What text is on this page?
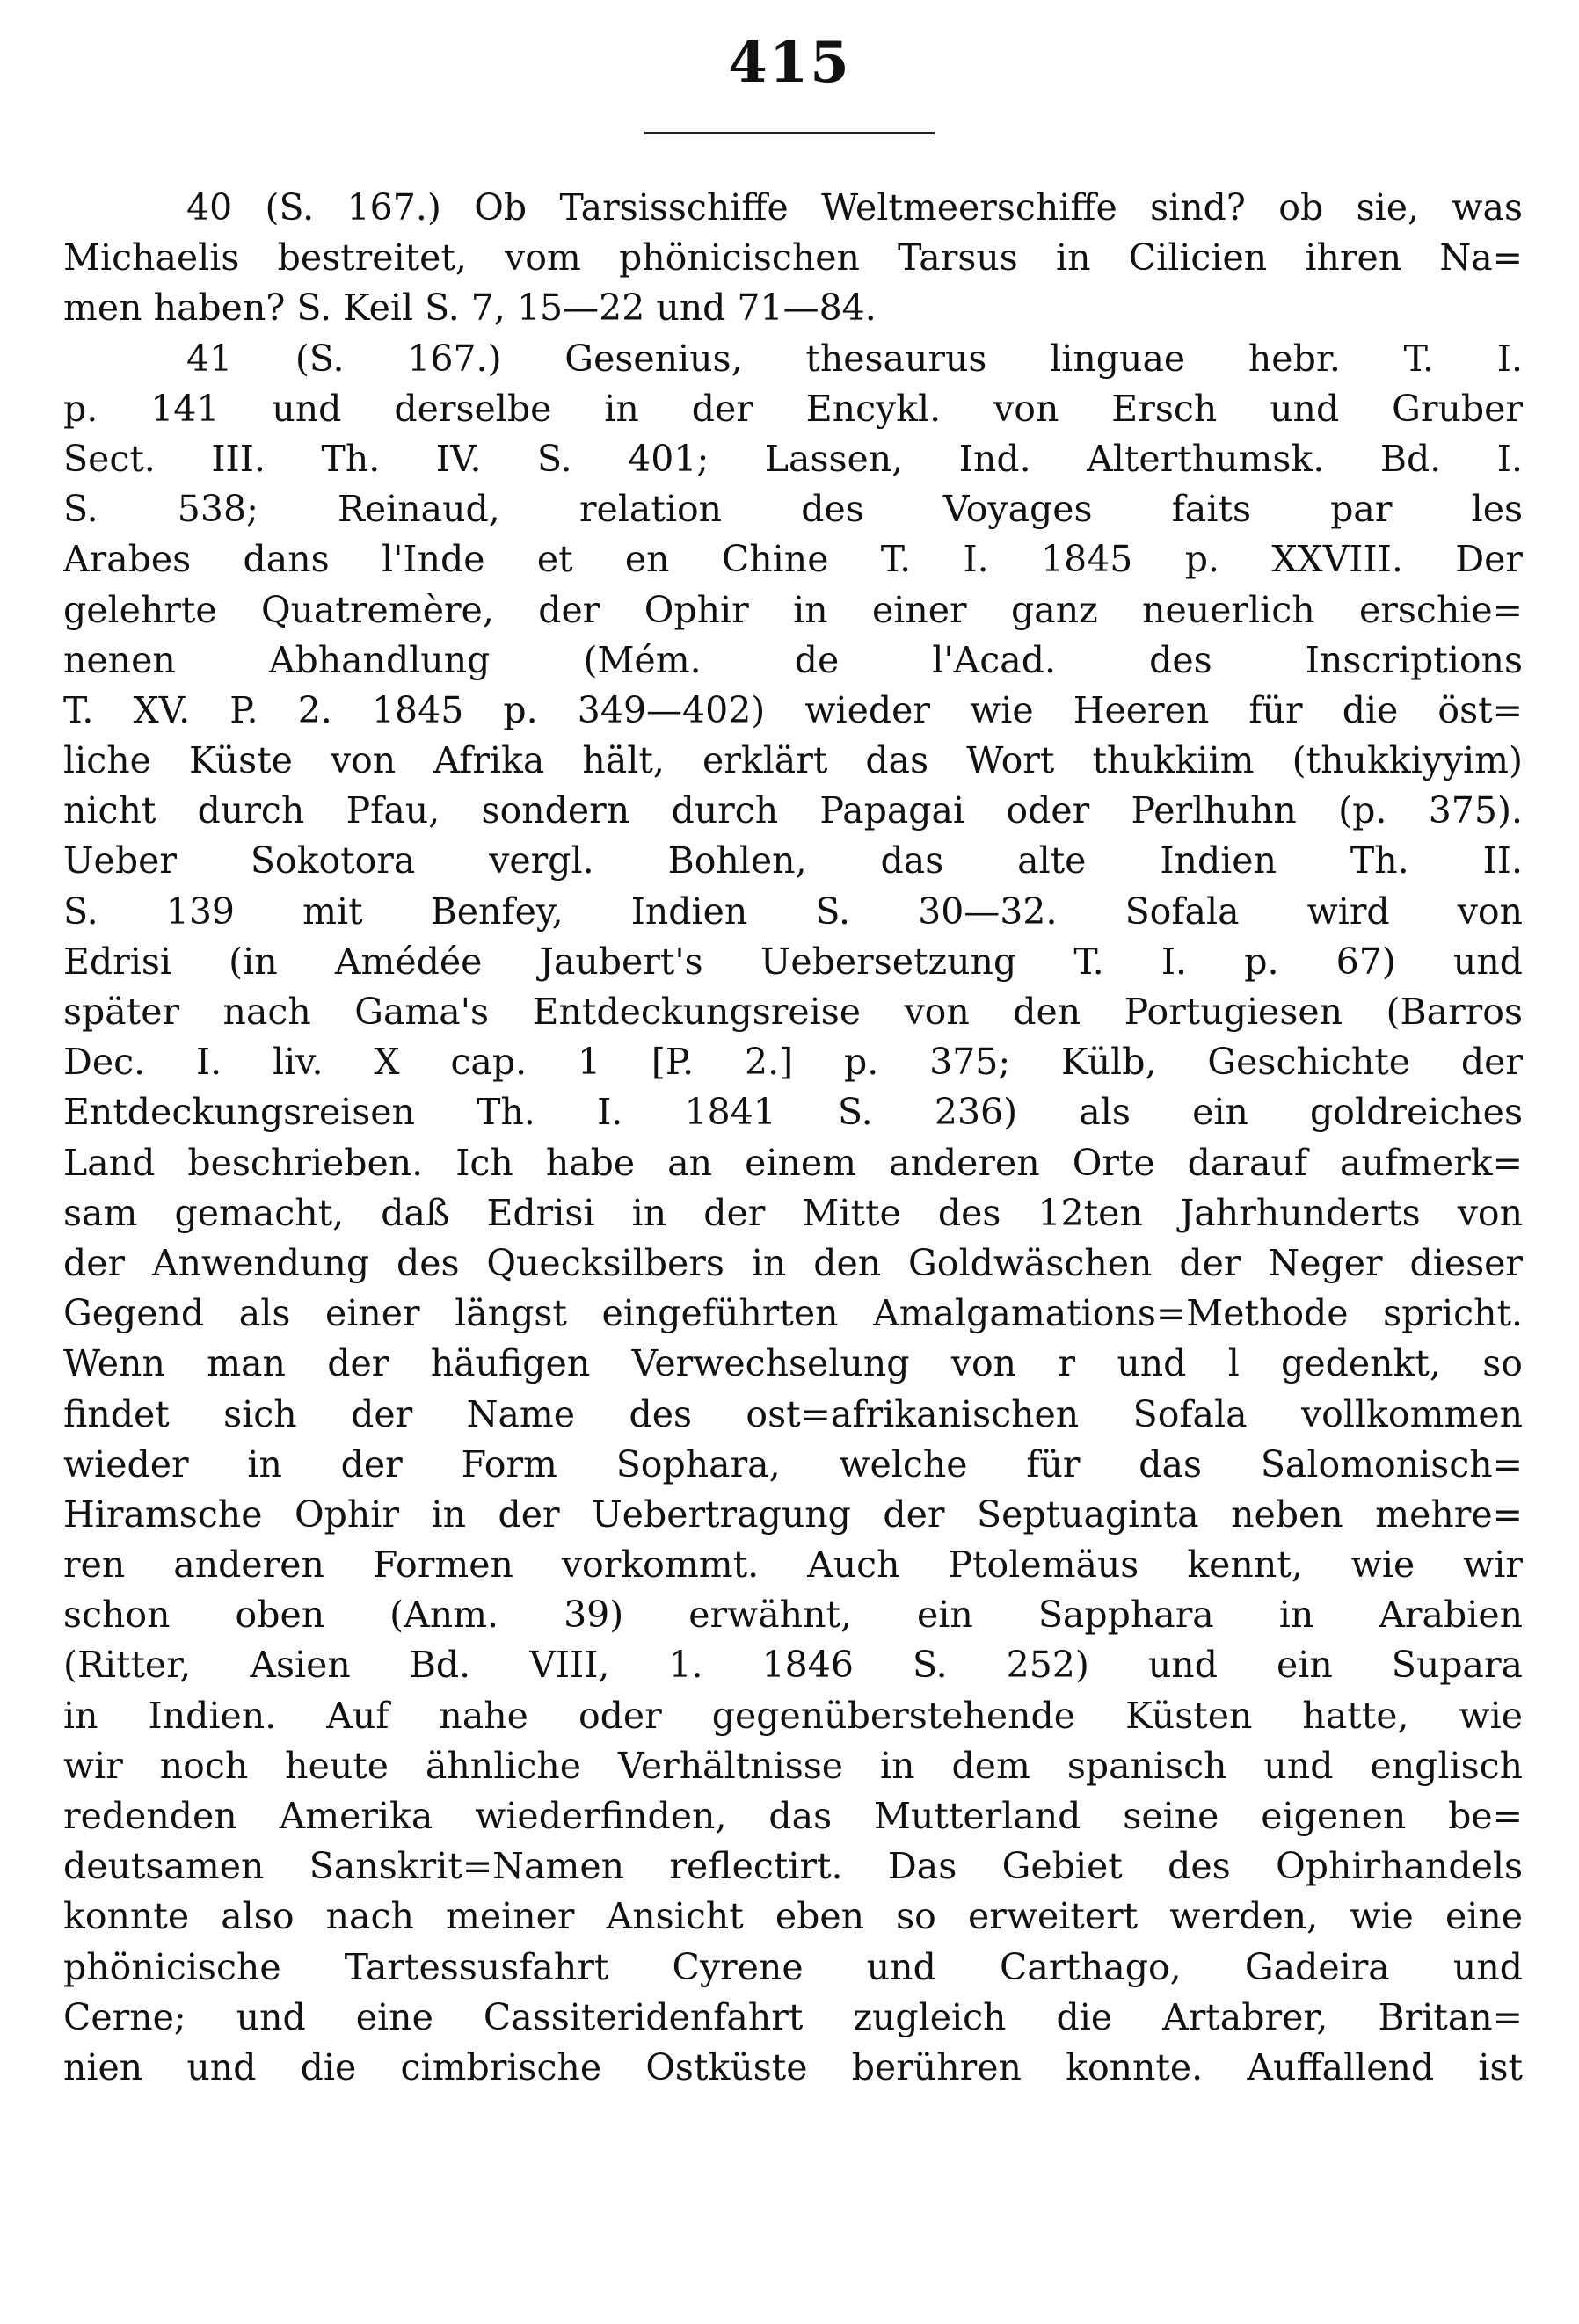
415
40 (S. 167.) Ob Tarsisschiffe Weltmeerschiffe sind? ob sie, was
Michaelis bestreitet, vom phönicischen Tarsus in Cilicien ihren Na=
men haben? S. Keil S. 7, 15—22 und 71—84.
41 (S. 167.) Gesenius, thesaurus linguae hebr. T. I.
p. 141 und derselbe in der Encykl. von Ersch und Gruber
Sect. III. Th. IV. S. 401; Lassen, Ind. Alterthumsk. Bd. I.
S. 538; Reinaud, relation des Voyages faits par les
Arabes dans l'Inde et en Chine T. I. 1845 p. XXVIII. Der
gelehrte Quatremère, der Ophir in einer ganz neuerlich erschie=
nenen Abhandlung (Mém. de l'Acad. des Inscriptions
T. XV. P. 2. 1845 p. 349—402) wieder wie Heeren für die öst=
liche Küste von Afrika hält, erklärt das Wort thukkiim (thukkiyyim)
nicht durch Pfau, sondern durch Papagai oder Perlhuhn (p. 375).
Ueber Sokotora vergl. Bohlen, das alte Indien Th. II.
S. 139 mit Benfey, Indien S. 30—32. Sofala wird von
Edrisi (in Amédée Jaubert's Uebersetzung T. I. p. 67) und
später nach Gama's Entdeckungsreise von den Portugiesen (Barros
Dec. I. liv. X cap. 1 [P. 2.] p. 375; Külb, Geschichte der
Entdeckungsreisen Th. I. 1841 S. 236) als ein goldreiches
Land beschrieben. Ich habe an einem anderen Orte darauf aufmerk=
sam gemacht, daß Edrisi in der Mitte des 12ten Jahrhunderts von
der Anwendung des Quecksilbers in den Goldwäschen der Neger dieser
Gegend als einer längst eingeführten Amalgamations=Methode spricht.
Wenn man der häufigen Verwechselung von r und l gedenkt, so
findet sich der Name des ost=afrikanischen Sofala vollkommen
wieder in der Form Sophara, welche für das Salomonisch=
Hiramsche Ophir in der Uebertragung der Septuaginta neben mehre=
ren anderen Formen vorkommt. Auch Ptolemäus kennt, wie wir
schon oben (Anm. 39) erwähnt, ein Sapphara in Arabien
(Ritter, Asien Bd. VIII, 1. 1846 S. 252) und ein Supara
in Indien. Auf nahe oder gegenüberstehende Küsten hatte, wie
wir noch heute ähnliche Verhältnisse in dem spanisch und englisch
redenden Amerika wiederfinden, das Mutterland seine eigenen be=
deutsamen Sanskrit=Namen reflectirt. Das Gebiet des Ophirhandels
konnte also nach meiner Ansicht eben so erweitert werden, wie eine
phönicische Tartessusfahrt Cyrene und Carthago, Gadeira und
Cerne; und eine Cassiteridenfahrt zugleich die Artabrer, Britan=
nien und die cimbrische Ostküste berühren konnte. Auffallend ist
